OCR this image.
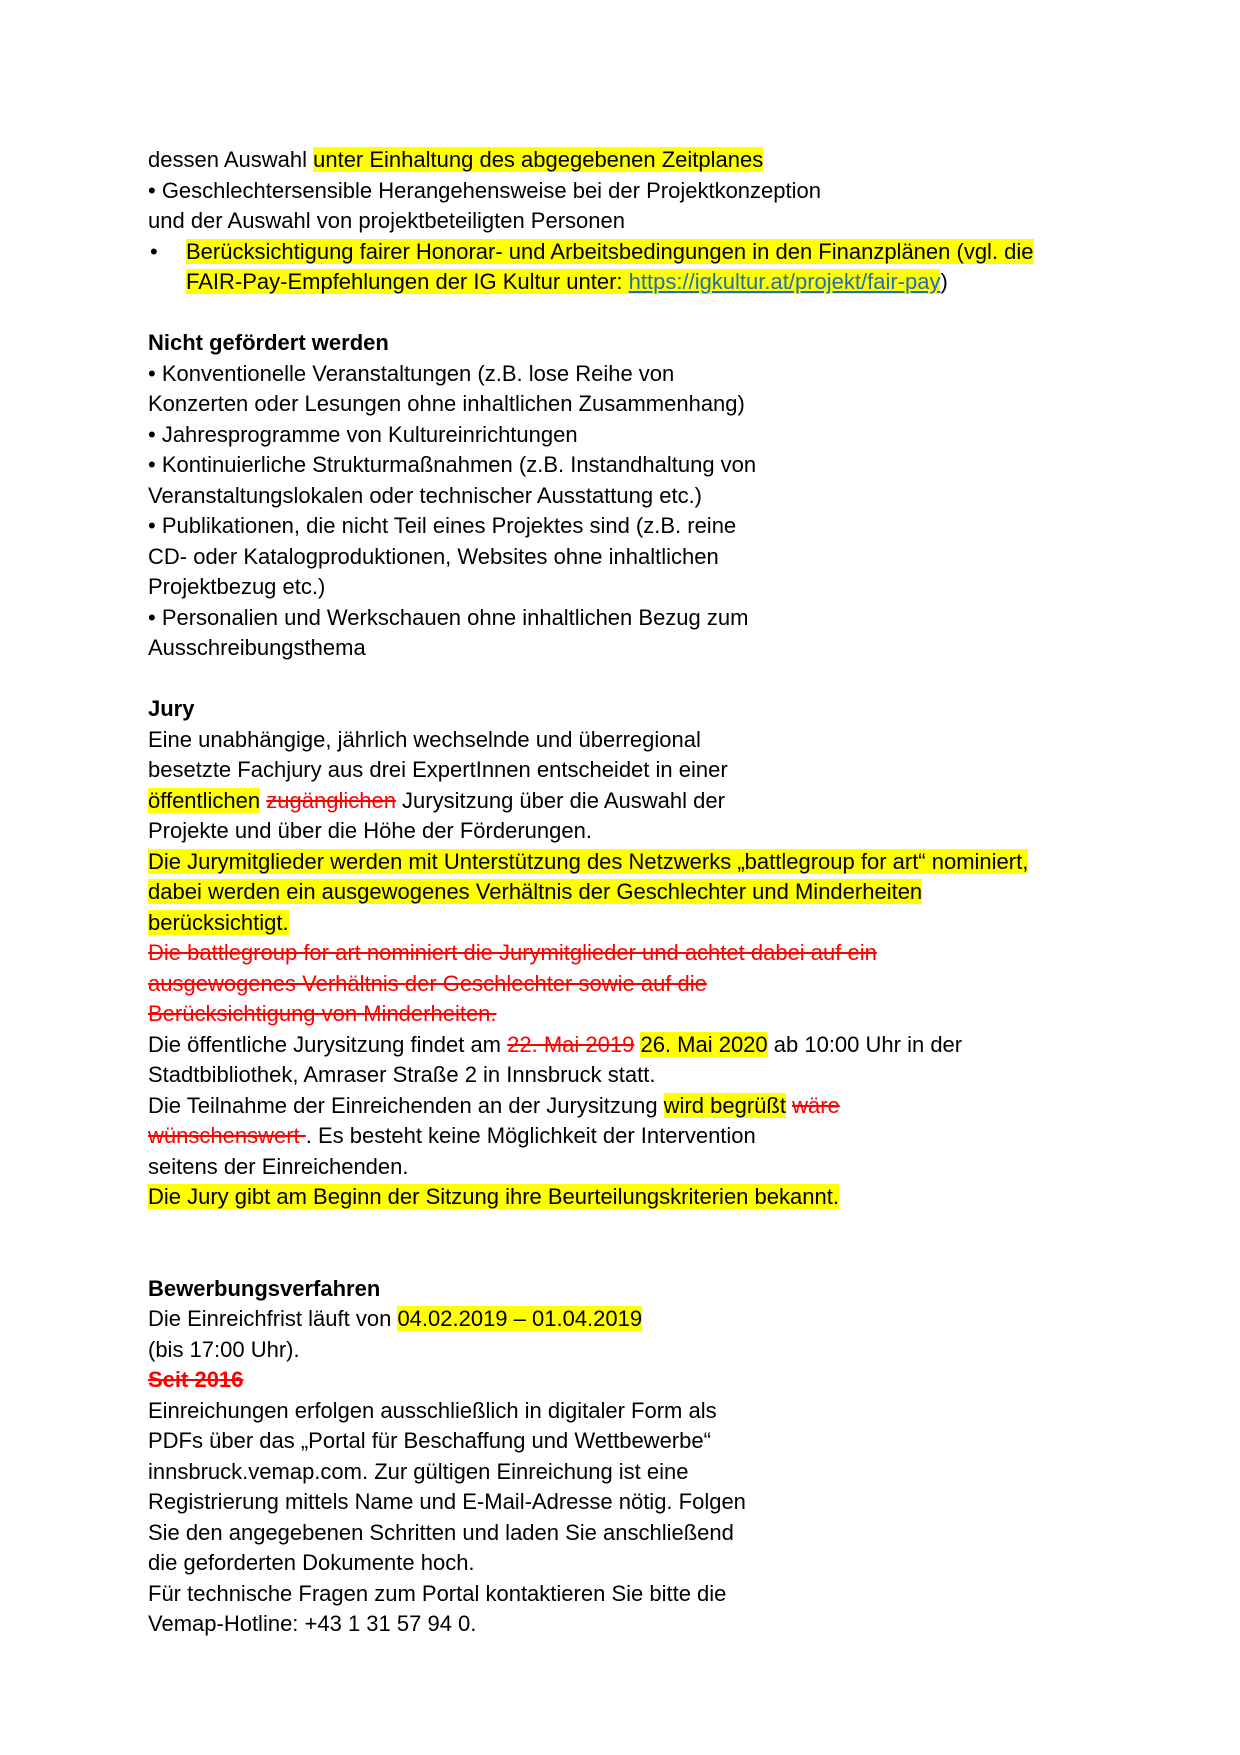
dessen Auswahl unter Einhaltung des abgegebenen Zeitplanes
• Geschlechtersensible Herangehensweise bei der Projektkonzeption
und der Auswahl von projektbeteiligten Personen
• Berücksichtigung fairer Honorar- und Arbeitsbedingungen in den Finanzplänen (vgl. die
FAIR-Pay-Empfehlungen der IG Kultur unter: https://igkultur.at/projekt/fair-pay)
Nicht gefördert werden
• Konventionelle Veranstaltungen (z.B. lose Reihe von
Konzerten oder Lesungen ohne inhaltlichen Zusammenhang)
• Jahresprogramme von Kultureinrichtungen
• Kontinuierliche Strukturmaßnahmen (z.B. Instandhaltung von
Veranstaltungslokalen oder technischer Ausstattung etc.)
• Publikationen, die nicht Teil eines Projektes sind (z.B. reine
CD- oder Katalogproduktionen, Websites ohne inhaltlichen
Projektbezug etc.)
• Personalien und Werkschauen ohne inhaltlichen Bezug zum
Ausschreibungsthema
Jury
Eine unabhängige, jährlich wechselnde und überregional
besetzte Fachjury aus drei ExpertInnen entscheidet in einer
öffentlichen zugänglichen Jurysitzung über die Auswahl der
Projekte und über die Höhe der Förderungen.
Die Jurymitglieder werden mit Unterstützung des Netzwerks „battlegroup for art“ nominiert,
dabei werden ein ausgewogenes Verhältnis der Geschlechter und Minderheiten
berücksichtigt.
Die battlegroup for art nominiert die Jurymitglieder und achtet dabei auf ein
ausgewogenes Verhältnis der Geschlechter sowie auf die
Berücksichtigung von Minderheiten.
Die öffentliche Jurysitzung findet am 22. Mai 2019 26. Mai 2020 ab 10:00 Uhr in der
Stadtbibliothek, Amraser Straße 2 in Innsbruck statt.
Die Teilnahme der Einreichenden an der Jurysitzung wird begrüßt wäre
wünschenswert . Es besteht keine Möglichkeit der Intervention
seitens der Einreichenden.
Die Jury gibt am Beginn der Sitzung ihre Beurteilungskriterien bekannt.
Bewerbungsverfahren
Die Einreichfrist läuft von 04.02.2019 – 01.04.2019
(bis 17:00 Uhr).
Seit 2016
Einreichungen erfolgen ausschließlich in digitaler Form als
PDFs über das „Portal für Beschaffung und Wettbewerbe“
innsbruck.vemap.com. Zur gültigen Einreichung ist eine
Registrierung mittels Name und E-Mail-Adresse nötig. Folgen
Sie den angegebenen Schritten und laden Sie anschließend
die geforderten Dokumente hoch.
Für technische Fragen zum Portal kontaktieren Sie bitte die
Vemap-Hotline: +43 1 31 57 94 0.
